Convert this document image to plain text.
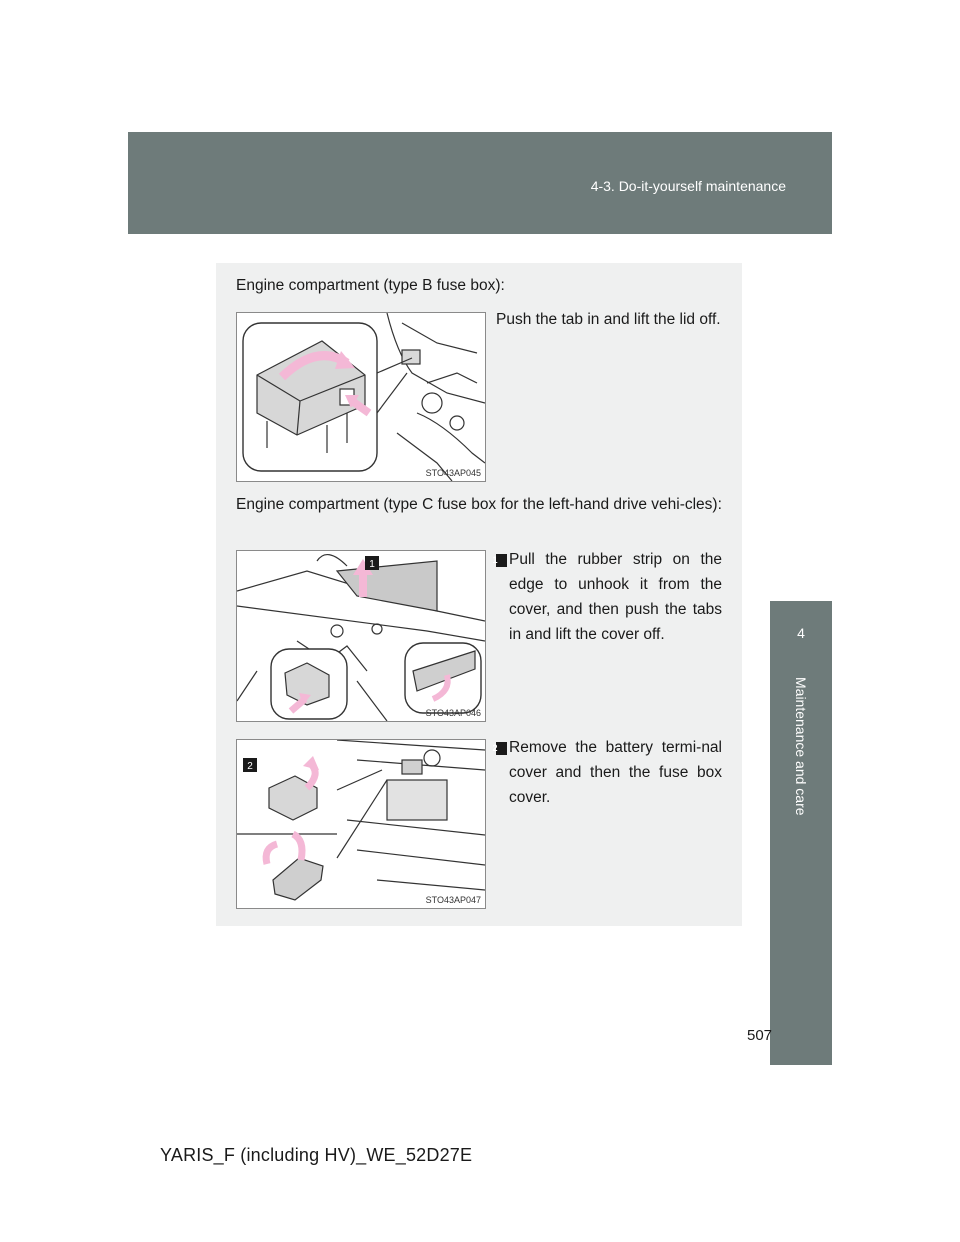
4-3. Do-it-yourself maintenance
4
Maintenance and care
Engine compartment (type B fuse box):
STO43AP045
Push the tab in and lift the lid off.
Engine compartment (type C fuse box for the left-hand drive vehi-cles):
1
STO43AP046
1 Pull the rubber strip on the edge to unhook it from the cover, and then push the tabs in and lift the cover off.
2
STO43AP047
2 Remove the battery termi-nal cover and then the fuse box cover.
507
YARIS_F (including HV)_WE_52D27E
